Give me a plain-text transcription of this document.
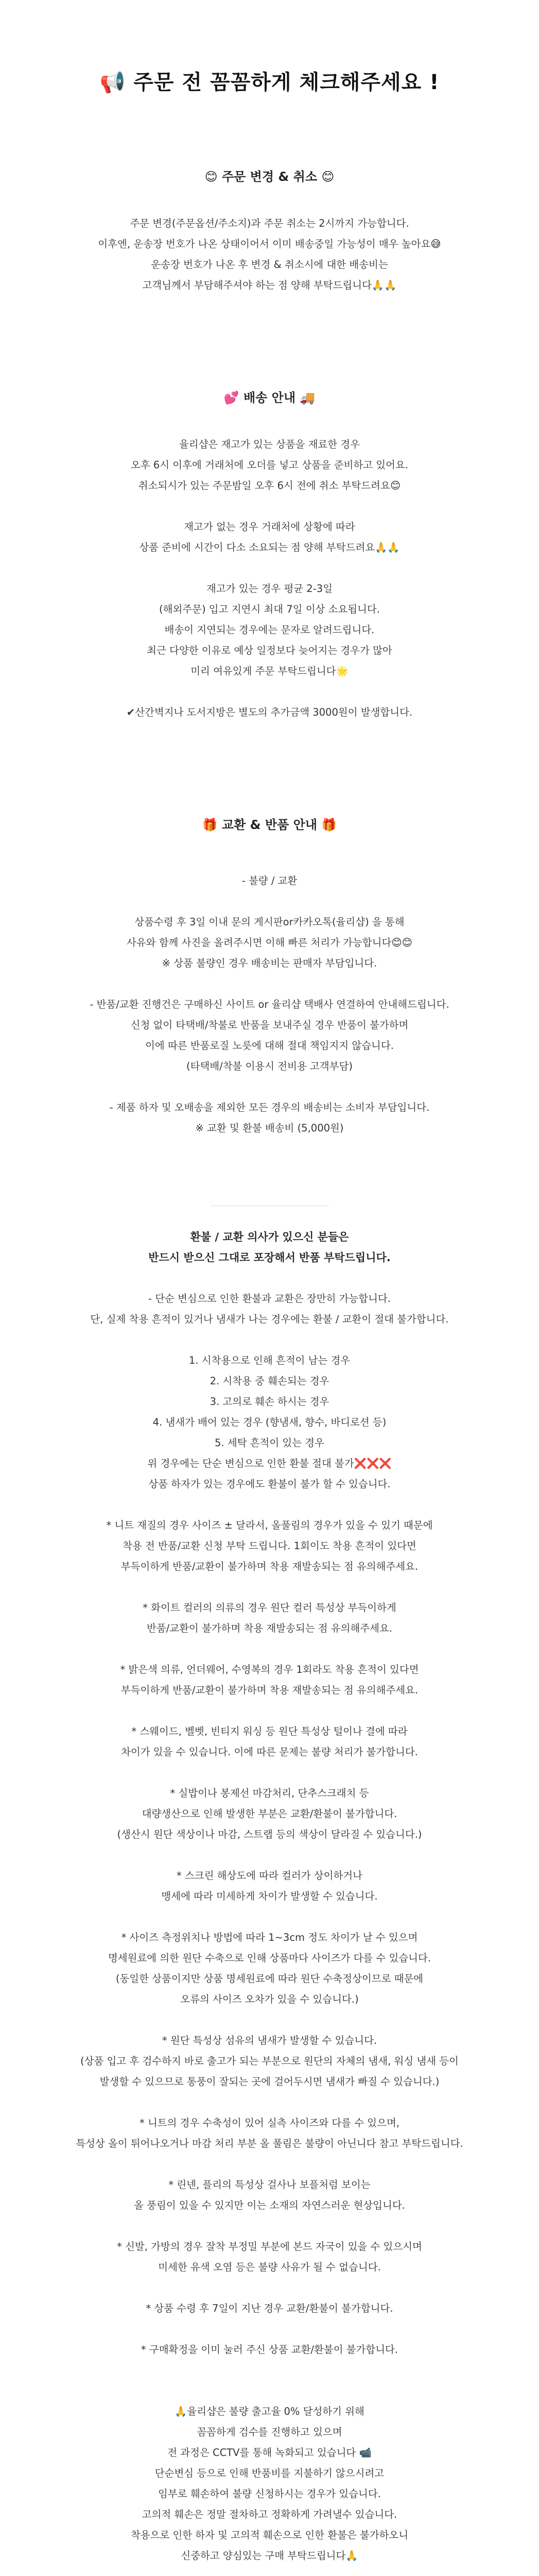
📢 주문 전 꼼꼼하게 체크해주세요 !

😊 주문 변경 & 취소 😊

주문 변경(주문옵션/주소지)과 주문 취소는 2시까지 가능합니다.

이후엔, 운송장 번호가 나온 상태이어서 이미 배송중일 가능성이 매우 높아요😅

운송장 번호가 나온 후 변경 & 취소시에 대한 배송비는

고객님께서 부담해주셔야 하는 점 양해 부탁드립니다🙏🙏

💕 배송 안내 🚚

율리샵은 재고가 있는 상품을 재료한 경우

오후 6시 이후에 거래처에 오더를 넣고 상품을 준비하고 있어요.

취소되시가 있는 주문밤일 오후 6시 전에 취소 부탁드려요😊

재고가 없는 경우 거래처에 상황에 따라

상품 준비에 시간이 다소 소요되는 점 양해 부탁드려요🙏🙏

재고가 있는 경우 평균 2-3일

(해외주문) 입고 지연시 최대 7일 이상 소요됩니다.

배송이 지연되는 경우에는 문자로 알려드립니다.

최근 다양한 이유로 예상 일정보다 늦어지는 경우가 많아

미리 여유있게 주문 부탁드립니다🌟

✔산간벽지나 도서지방은 별도의 추가금액 3000원이 발생합니다.

🎁 교환 & 반품 안내 🎁

- 불량 / 교환

상품수령 후 3일 이내 문의 게시판or카카오톡(율리샵) 을 통해

사유와 함께 사진을 올려주시면 이해 빠른 처리가 가능합니다😊😊

※ 상품 불량인 경우 배송비는 판매자 부담입니다.

- 반품/교환 진행건은 구매하신 사이트 or 율리샵 택배사 연결하여 안내해드립니다.

신청 없이 타택배/착불로 반품을 보내주실 경우 반품이 불가하며

이에 따른 반품로질 노릇에 대해 절대 책임지지 않습니다.

(타택배/착불 이용시 전비용 고객부담)

- 제품 하자 및 오배송을 제외한 모든 경우의 배송비는 소비자 부담입니다.

※ 교환 및 환불 배송비 (5,000원)

환불 / 교환 의사가 있으신 분들은

반드시 받으신 그대로 포장해서 반품 부탁드립니다.

- 단순 변심으로 인한 환불과 교환은 장만히 가능합니다.

단, 실제 착용 흔적이 있거나 냄새가 나는 경우에는 환불 / 교환이 절대 불가합니다.

1. 시착용으로 인해 흔적이 남는 경우

2. 시착용 중 훼손되는 경우

3. 고의로 훼손 하시는 경우

4. 냄새가 배어 있는 경우 (향냄새, 향수, 바디로션 등)

5. 세탁 흔적이 있는 경우

위 경우에는 단순 변심으로 인한 환불 절대 불가❌❌❌

상품 하자가 있는 경우에도 환불이 불가 할 수 있습니다.

* 니트 재질의 경우 사이즈 ± 달라서, 올풀림의 경우가 있을 수 있기 때문에

착용 전 반품/교환 신청 부탁 드립니다. 1회이도 착용 흔적이 있다면

부득이하게 반품/교환이 불가하며 착용 재발송되는 점 유의해주세요.

* 화이트 컬러의 의류의 경우 원단 컬러 특성상 부득이하게

반품/교환이 불가하며 착용 재발송되는 점 유의해주세요.

* 밝은색 의류, 언더웨어, 수영복의 경우 1회라도 착용 흔적이 있다면

부득이하게 반품/교환이 불가하며 착용 재발송되는 점 유의해주세요.

* 스웨이드, 벨벳, 빈티지 워싱 등 원단 특성상 털이나 결에 따라

차이가 있을 수 있습니다. 이에 따른 문제는 불량 처리가 불가합니다.

* 실밥이나 봉제선 마감처리, 단추스크래치 등

대량생산으로 인해 발생한 부분은 교환/환불이 불가합니다.

(생산시 원단 색상이나 마감, 스트랩 등의 색상이 달라질 수 있습니다.)

* 스크린 해상도에 따라 컬러가 상이하거나

맹세에 따라 미세하게 차이가 발생할 수 있습니다.

* 사이즈 측정위치나 방법에 따라 1~3cm 정도 차이가 날 수 있으며

명세원료에 의한 원단 수축으로 인해 상품마다 사이즈가 다를 수 있습니다.

(동일한 상품이지만 상품 명세원료에 따라 원단 수축정상이므로 때문에

오류의 사이즈 오차가 있을 수 있습니다.)

* 원단 특성상 섬유의 냄새가 발생할 수 있습니다.

(상품 입고 후 검수하지 바로 출고가 되는 부분으로 원단의 자체의 냄새, 워싱 냄새 등이

발생할 수 있으므로 통풍이 잘되는 곳에 걸어두시면 냄새가 빠질 수 있습니다.)

* 니트의 경우 수축성이 있어 실측 사이즈와 다를 수 있으며,

특성상 올이 튀어나오거나 마감 처리 부분 올 풀림은 불량이 아닌니다 참고 부탁드립니다.

* 린넨, 플리의 특성상 걸사나 보플처럼 보이는

올 풍림이 있을 수 있지만 이는 소재의 자연스러운 현상입니다.

* 신발, 가방의 경우 잘착 부정밀 부분에 본드 자국이 있을 수 있으시며

미세한 유색 오염 등은 불량 사유가 될 수 없습니다.

* 상품 수령 후 7일이 지난 경우 교환/환불이 불가합니다.

* 구매확정을 이미 눌러 주신 상품 교환/환불이 불가합니다.

🙏율리샵은 불량 출고율 0% 달성하기 위해

꼼꼼하게 검수를 진행하고 있으며

전 과정은 CCTV를 통해 녹화되고 있습니다 📹

단순변심 등으로 인해 반품비를 지불하기 않으시려고

임부로 훼손하여 불량 신청하시는 경우가 있습니다.

고의적 훼손은 정말 절차하고 정확하게 가려낼수 있습니다.

착용으로 인한 하자 및 고의적 훼손으로 인한 환불은 불가하오니

신중하고 양심있는 구매 부탁드립니다🙏
